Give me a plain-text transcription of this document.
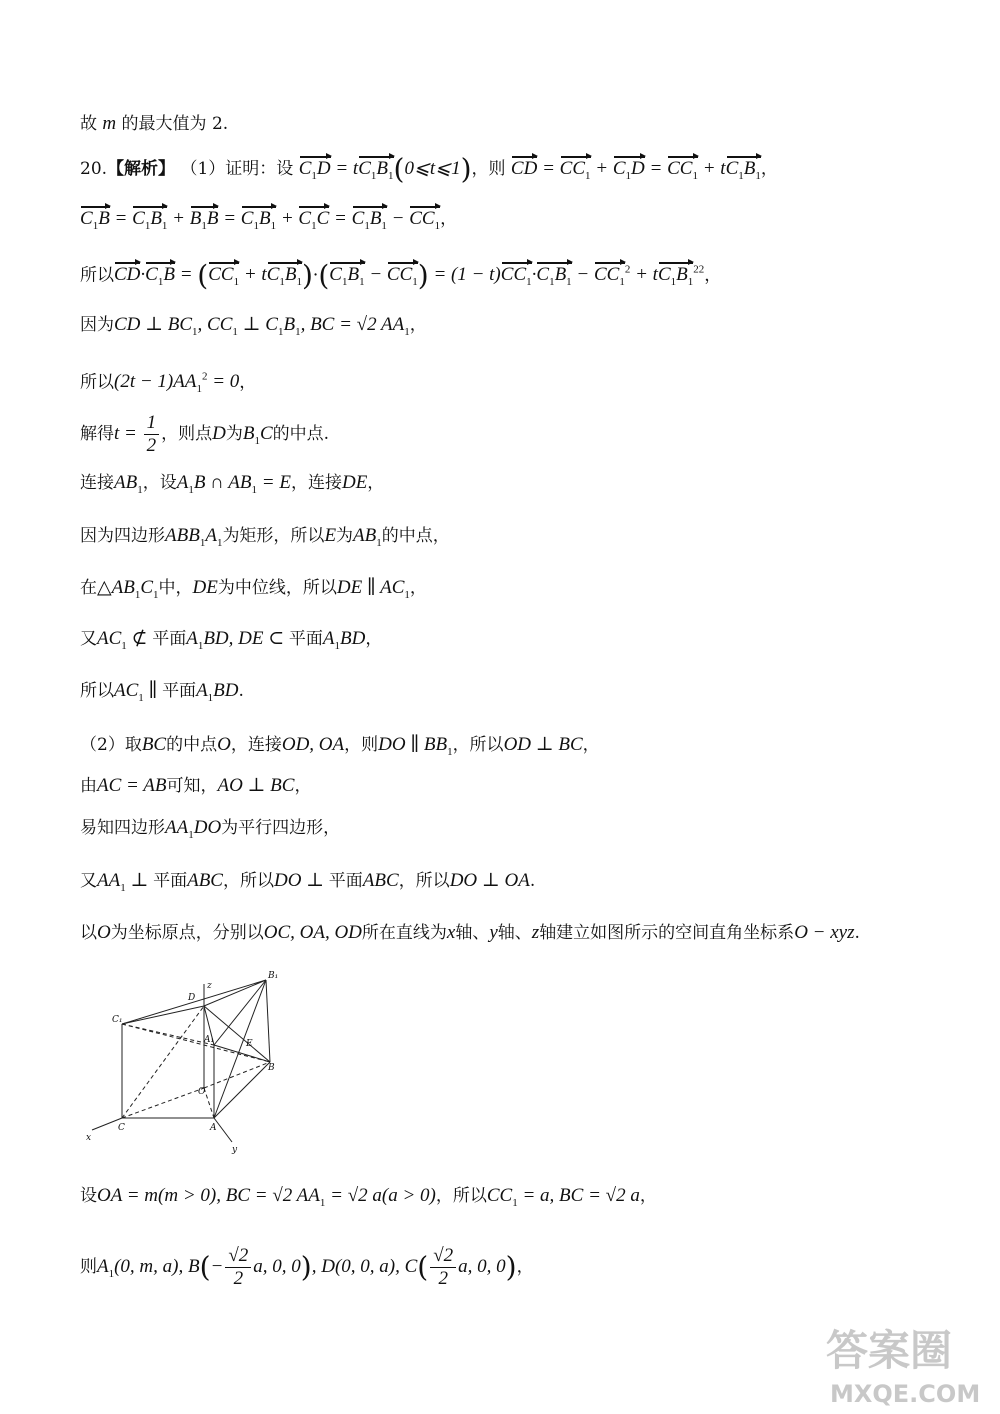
故 m 的最大值为 2.
20.【解析】 （1）证明：设 $C_1D$ = $tC_1B_1(0⩽t⩽1)$，则 CD = $CC_1 + C_1D = CC_1 + tC_1B_1$，
$C_1B = C_1B_1 + B_1B = C_1B_1 + C_1C = C_1B_1 - CC_1$，
所以$CD\cdot C_1B = (CC_1 + tC_1B_1)\cdot(C_1B_1 - CC_1) = (1 - t)CC_1\cdot C_1B_1 - CC_1^2 + tC_1B_1^{22}$，
因为CD ⊥ $BC_1$, $CC_1$ ⊥ $C_1B_1$, BC = √2 $AA_1$，
所以$(2t - 1)AA_1^2 = 0$，
解得$t = \frac{1}{2}$ ，则点D为$B_1C$的中点.
连接$AB_1$，设$A_1B$ ∩ $AB_1 = E$，连接DE，
因为四边形$ABB_1A_1$为矩形，所以E为$AB_1$的中点，
在$\triangle AB_1C_1$中，DE为中位线，所以DE ∥ $AC_1$，
又$AC_1$ ⊄ 平面$A_1BD$, DE ⊂ 平面$A_1BD$，
所以$AC_1$ ∥ 平面$A_1BD$.
（2）取BC的中点O，连接OD, OA，则DO ∥ $BB_1$，所以OD ⊥ BC，
由AC = AB可知，AO ⊥ BC，
易知四边形$AA_1DO$为平行四边形，
又$AA_1$ ⊥ 平面ABC，所以DO ⊥ 平面ABC，所以DO ⊥ OA.
以O为坐标原点，分别以OC, OA, OD所在直线为x轴、y轴、z轴建立如图所示的空间直角坐标系O − xyz.
B₁
D
z
C₁
A₁	E
B
O
C	A
x
y
设OA = m(m > 0), BC = √2 $AA_1 = √2$ a(a > 0)，所以$CC_1 = a$, BC = √2 a，
则$A_1(0$, m, a), $B(- \frac{√2}{2} a$, 0, 0), D(0, 0, a), $C( \frac{√2}{2} a$, 0, 0)，
答案圈
MXQE.COM
